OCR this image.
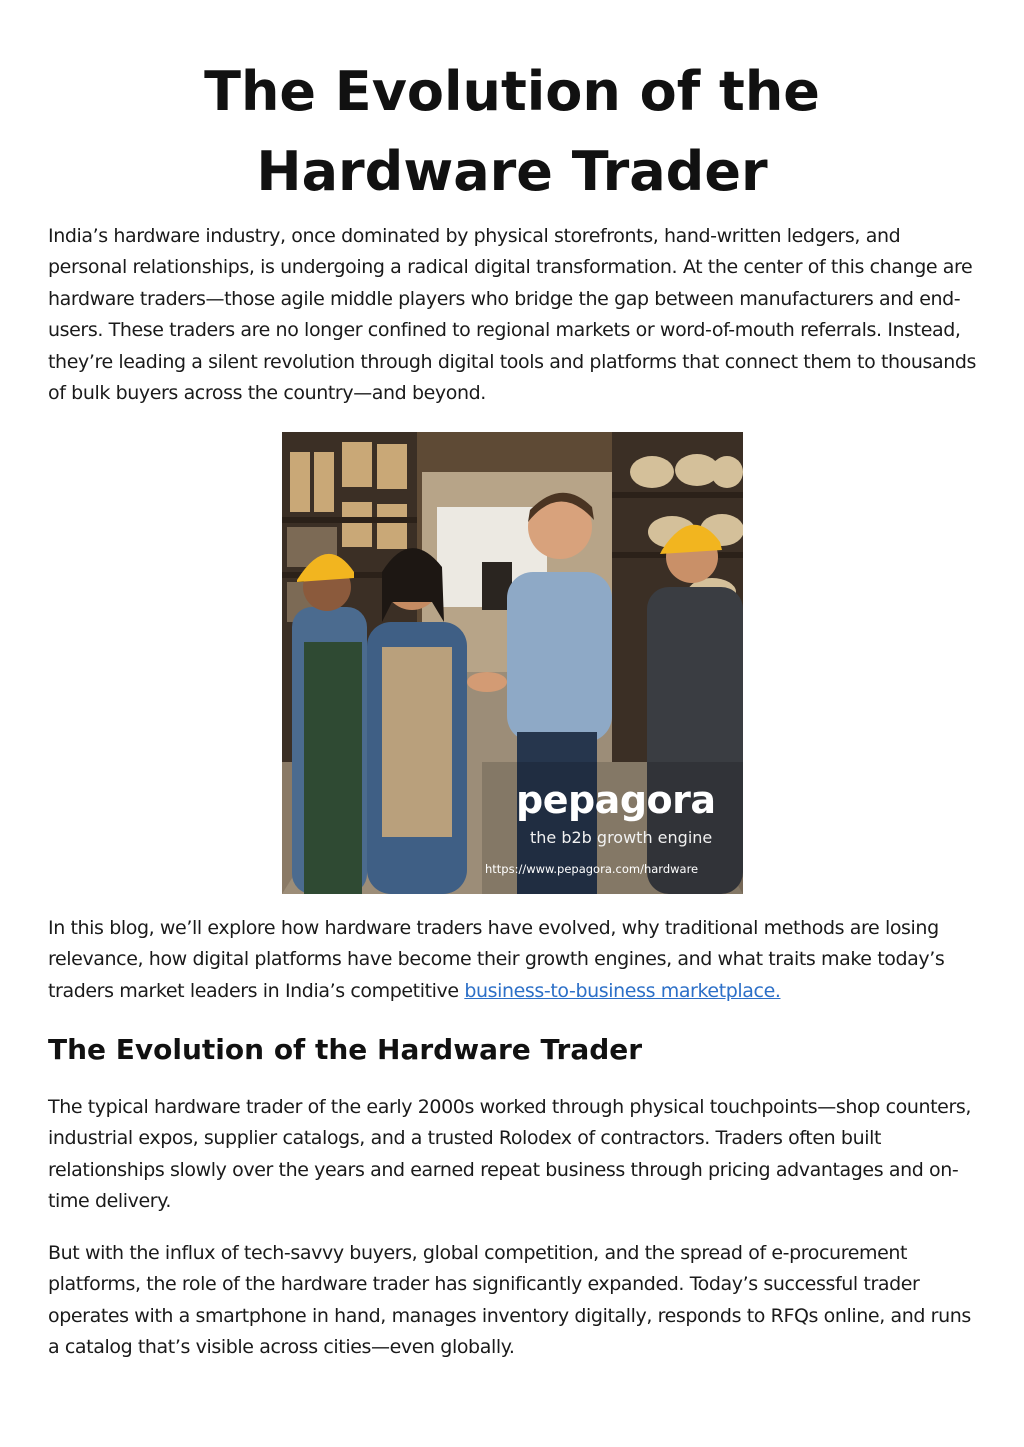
The Evolution of the Hardware Trader

India’s hardware industry, once dominated by physical storefronts, hand-written ledgers, and personal relationships, is undergoing a radical digital transformation. At the center of this change are hardware traders—those agile middle players who bridge the gap between manufacturers and end-users. These traders are no longer confined to regional markets or word-of-mouth referrals. Instead, they’re leading a silent revolution through digital tools and platforms that connect them to thousands of bulk buyers across the country—and beyond.

pepagora
the b2b growth engine
https://www.pepagora.com/hardware

In this blog, we’ll explore how hardware traders have evolved, why traditional methods are losing relevance, how digital platforms have become their growth engines, and what traits make today’s traders market leaders in India’s competitive business-to-business marketplace.

The Evolution of the Hardware Trader

The typical hardware trader of the early 2000s worked through physical touchpoints—shop counters, industrial expos, supplier catalogs, and a trusted Rolodex of contractors. Traders often built relationships slowly over the years and earned repeat business through pricing advantages and on-time delivery.

But with the influx of tech-savvy buyers, global competition, and the spread of e-procurement platforms, the role of the hardware trader has significantly expanded. Today’s successful trader operates with a smartphone in hand, manages inventory digitally, responds to RFQs online, and runs a catalog that’s visible across cities—even globally.
